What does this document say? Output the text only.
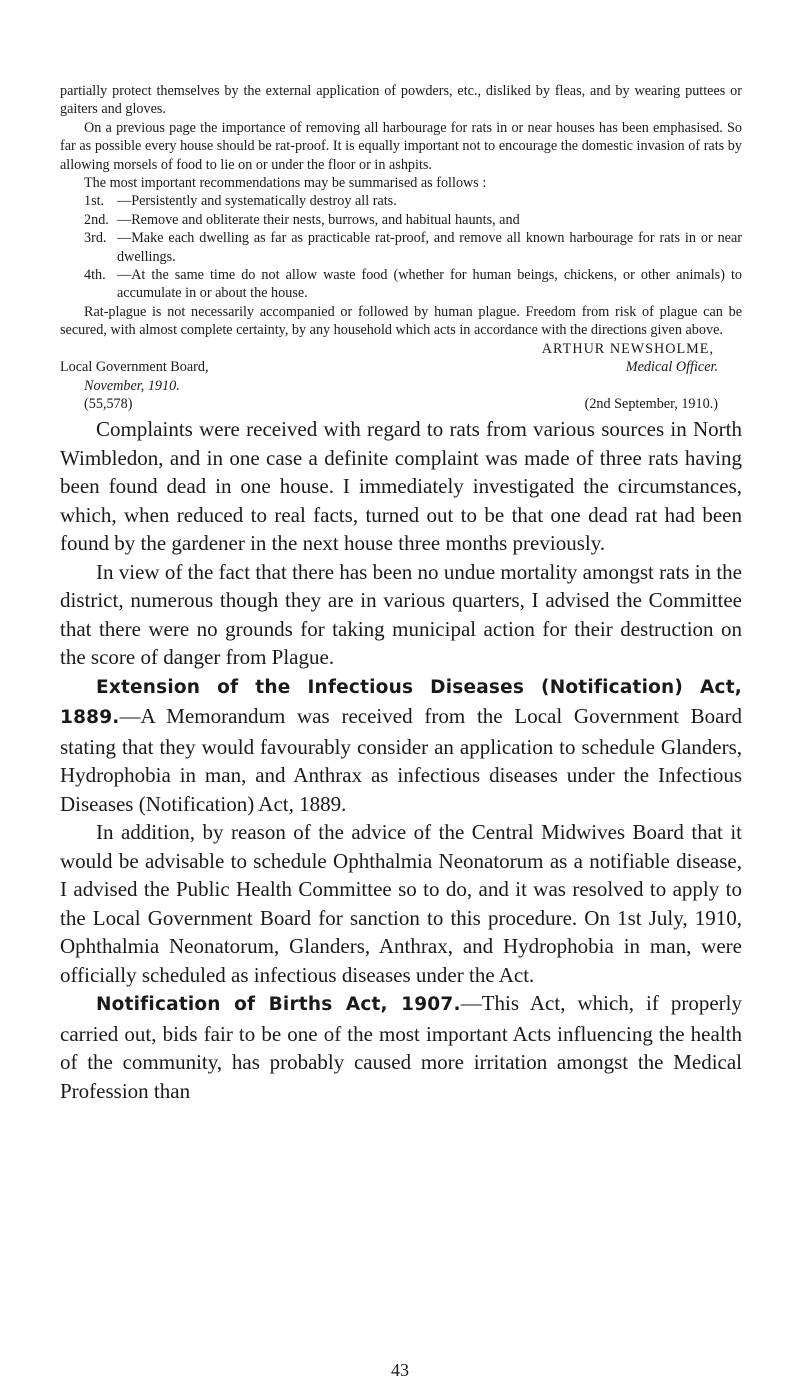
partially protect themselves by the external application of powders, etc., disliked by fleas, and by wearing puttees or gaiters and gloves.

On a previous page the importance of removing all harbourage for rats in or near houses has been emphasised. So far as possible every house should be rat-proof. It is equally important not to encourage the domestic invasion of rats by allowing morsels of food to lie on or under the floor or in ashpits.

The most important recommendations may be summarised as follows :

1st. —Persistently and systematically destroy all rats.
2nd. —Remove and obliterate their nests, burrows, and habitual haunts, and
3rd. —Make each dwelling as far as practicable rat-proof, and remove all known harbourage for rats in or near dwellings.
4th. —At the same time do not allow waste food (whether for human beings, chickens, or other animals) to accumulate in or about the house.

Rat-plague is not necessarily accompanied or followed by human plague. Freedom from risk of plague can be secured, with almost complete certainty, by any household which acts in accordance with the directions given above.

ARTHUR NEWSHOLME,
Local Government Board,	Medical Officer.
November, 1910.
(55,578)	(2nd September, 1910.)

Complaints were received with regard to rats from various sources in North Wimbledon, and in one case a definite complaint was made of three rats having been found dead in one house. I immediately investigated the circumstances, which, when reduced to real facts, turned out to be that one dead rat had been found by the gardener in the next house three months previously.

In view of the fact that there has been no undue mortality amongst rats in the district, numerous though they are in various quarters, I advised the Committee that there were no grounds for taking municipal action for their destruction on the score of danger from Plague.

Extension of the Infectious Diseases (Notification) Act, 1889.—A Memorandum was received from the Local Government Board stating that they would favourably consider an application to schedule Glanders, Hydrophobia in man, and Anthrax as infectious diseases under the Infectious Diseases (Notification) Act, 1889.

In addition, by reason of the advice of the Central Midwives Board that it would be advisable to schedule Ophthalmia Neonatorum as a notifiable disease, I advised the Public Health Committee so to do, and it was resolved to apply to the Local Government Board for sanction to this procedure. On 1st July, 1910, Ophthalmia Neonatorum, Glanders, Anthrax, and Hydrophobia in man, were officially scheduled as infectious diseases under the Act.

Notification of Births Act, 1907.—This Act, which, if properly carried out, bids fair to be one of the most important Acts influencing the health of the community, has probably caused more irritation amongst the Medical Profession than

43
